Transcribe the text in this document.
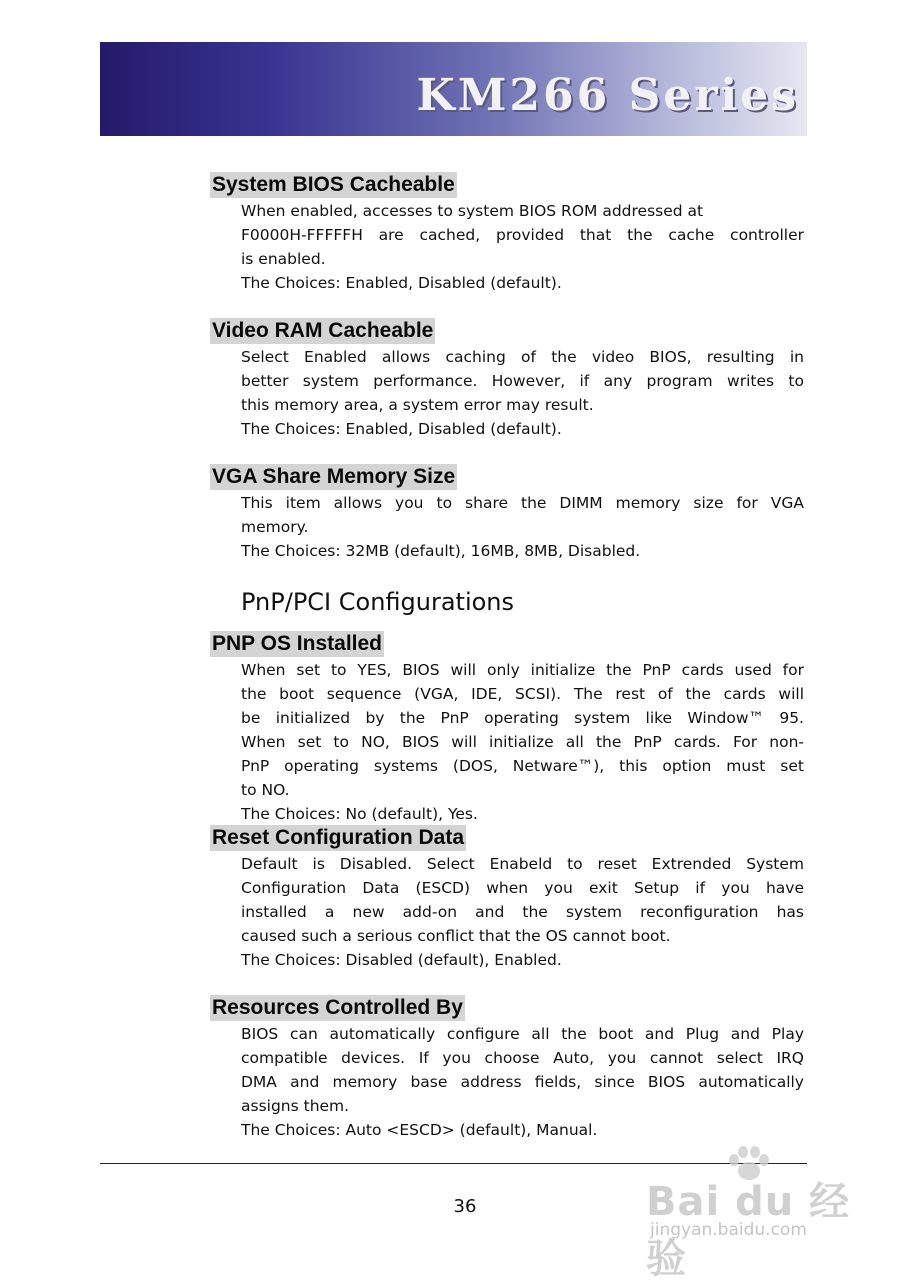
KM266 Series
System BIOS Cacheable
When enabled, accesses to system BIOS ROM addressed at
F0000H-FFFFFH are cached, provided that the cache controller
is enabled.
The Choices: Enabled, Disabled (default).
Video RAM Cacheable
Select Enabled allows caching of the video BIOS, resulting in
better system performance. However, if any program writes to
this memory area, a system error may result.
The Choices: Enabled, Disabled (default).
VGA Share Memory Size
This item allows you to share the DIMM memory size for VGA
memory.
The Choices: 32MB (default), 16MB, 8MB, Disabled.
PnP/PCI Configurations
PNP OS Installed
When set to YES, BIOS will only initialize the PnP cards used for
the boot sequence (VGA, IDE, SCSI). The rest of the cards will
be initialized by the PnP operating system like Window™ 95.
When set to NO, BIOS will initialize all the PnP cards. For non-
PnP operating systems (DOS, Netware™), this option must set
to NO.
The Choices: No (default), Yes.
Reset Configuration Data
Default is Disabled. Select Enabeld to reset Extrended System
Configuration Data (ESCD) when you exit Setup if you have
installed a new add-on and the system reconfiguration has
caused such a serious conflict that the OS cannot boot.
The Choices: Disabled (default), Enabled.
Resources Controlled By
BIOS can automatically configure all the boot and Plug and Play
compatible devices. If you choose Auto, you cannot select IRQ
DMA and memory base address fields, since BIOS automatically
assigns them.
The Choices: Auto <ESCD> (default), Manual.
36	Bai du 经验
jingyan.baidu.com
